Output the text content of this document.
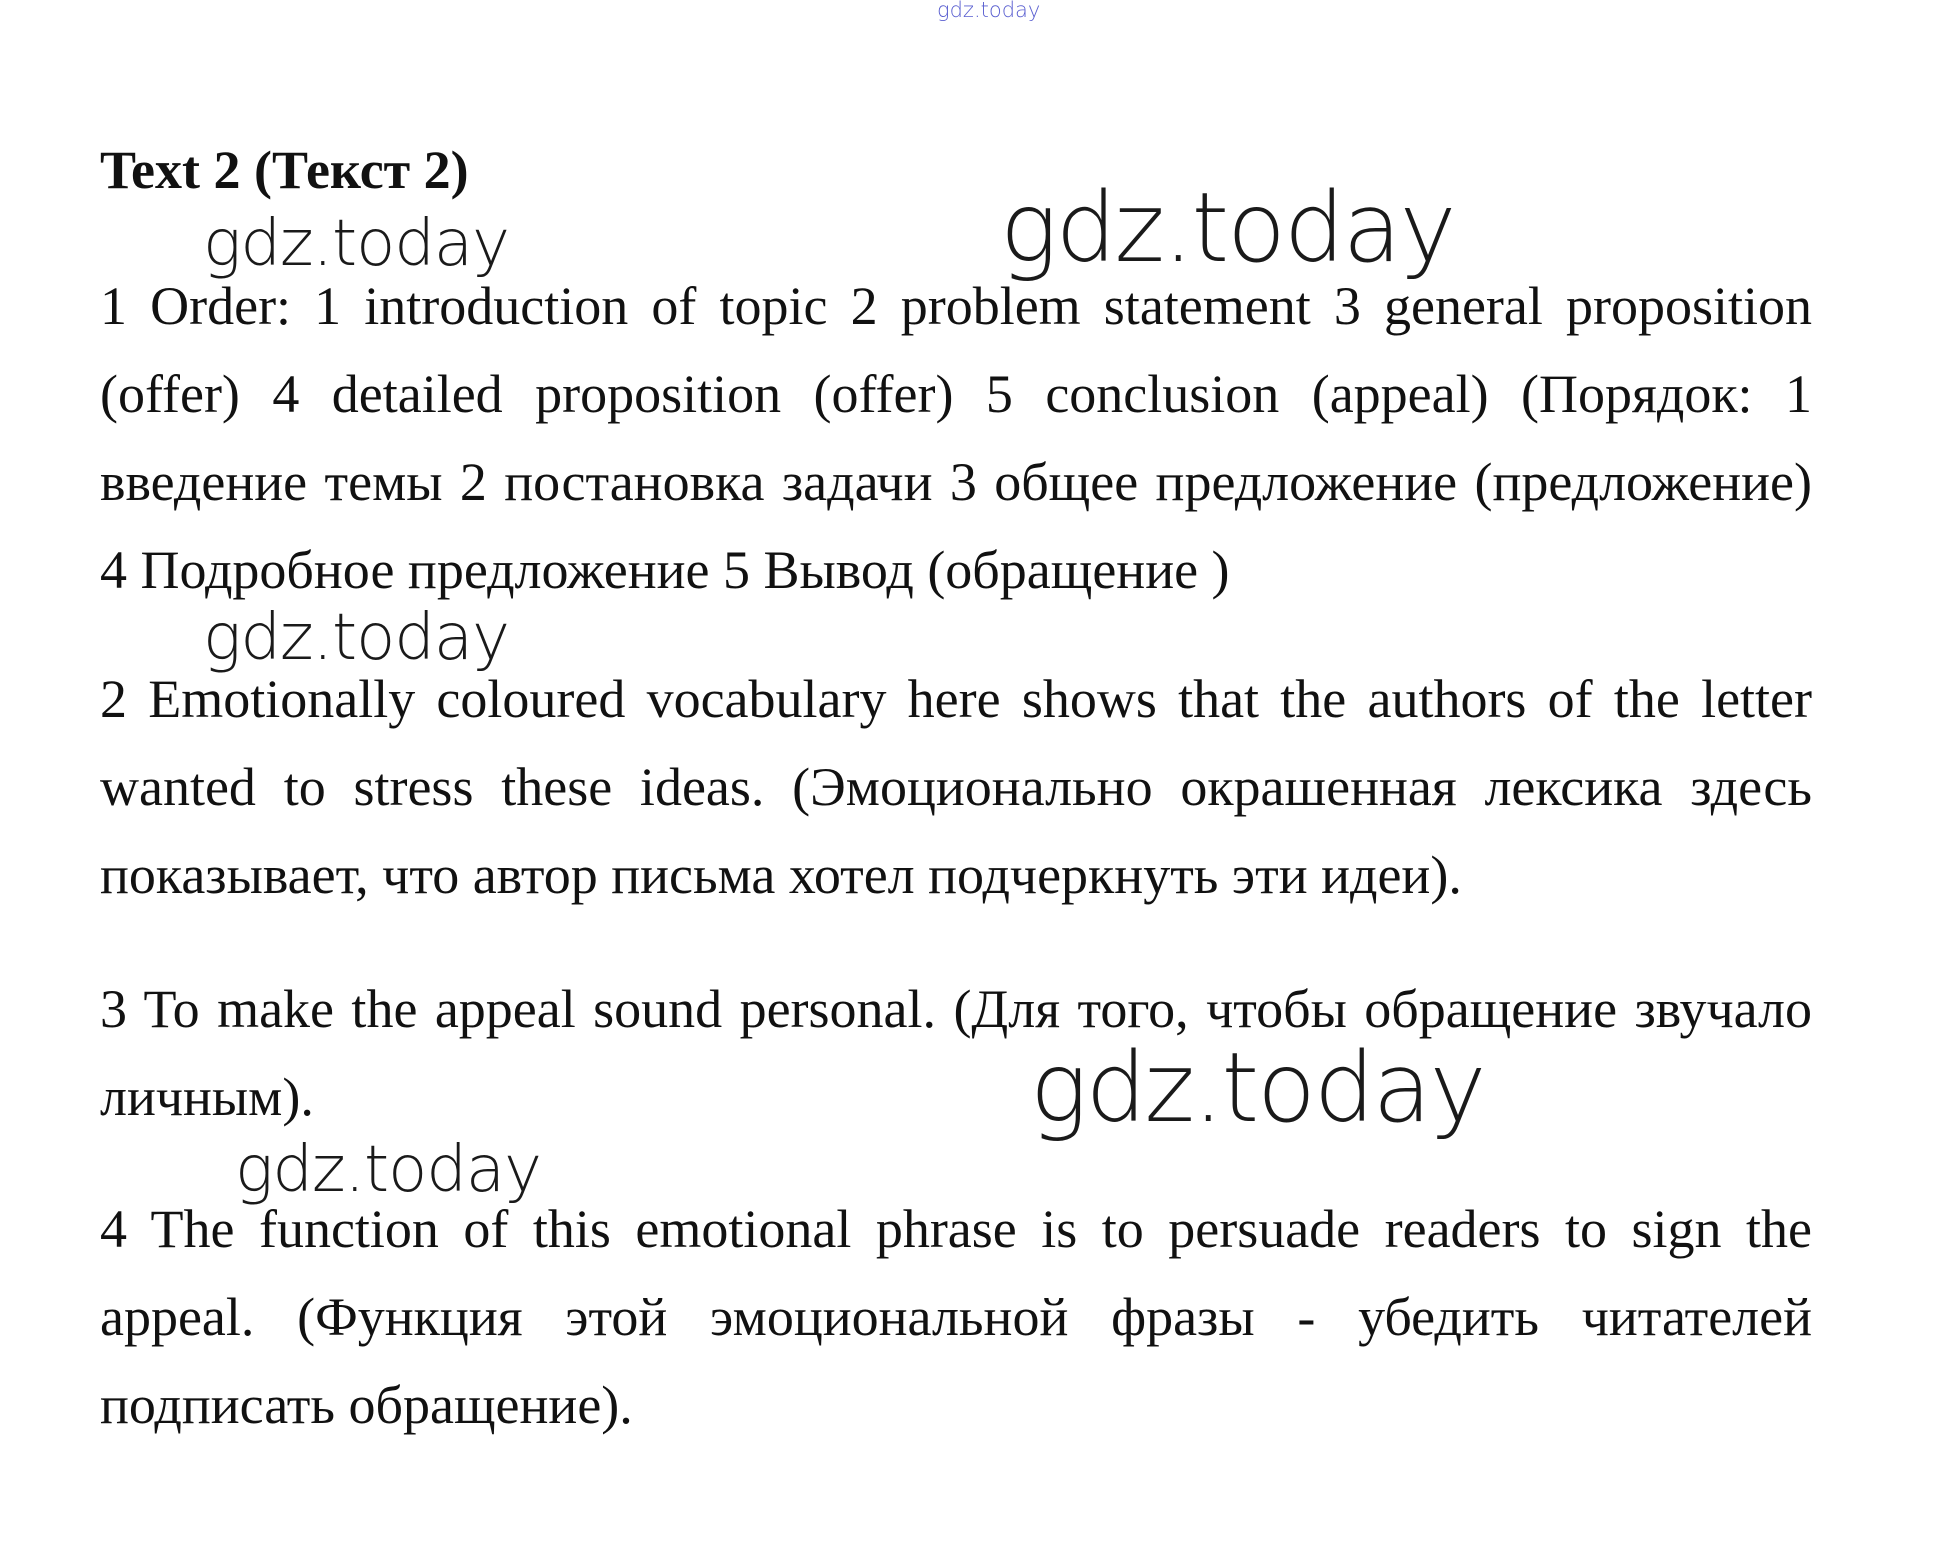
gdz.today
Text 2 (Текст 2)
gdz.today	gdz.today

1 Order: 1 introduction of topic 2 problem statement 3 general proposition (offer) 4 detailed proposition (offer) 5 conclusion (appeal) (Порядок: 1 введение темы 2 постановка задачи 3 общее предложение (предложение) 4 Подробное предложение 5 Вывод (обращение )

gdz.today

2 Emotionally coloured vocabulary here shows that the authors of the letter wanted to stress these ideas. (Эмоционально окрашенная лексика здесь показывает, что автор письма хотел подчеркнуть эти идеи).

3 To make the appeal sound personal. (Для того, чтобы обращение звучало личным).	gdz.today
gdz.today

4 The function of this emotional phrase is to persuade readers to sign the appeal. (Функция этой эмоциональной фразы - убедить читателей подписать обращение).
